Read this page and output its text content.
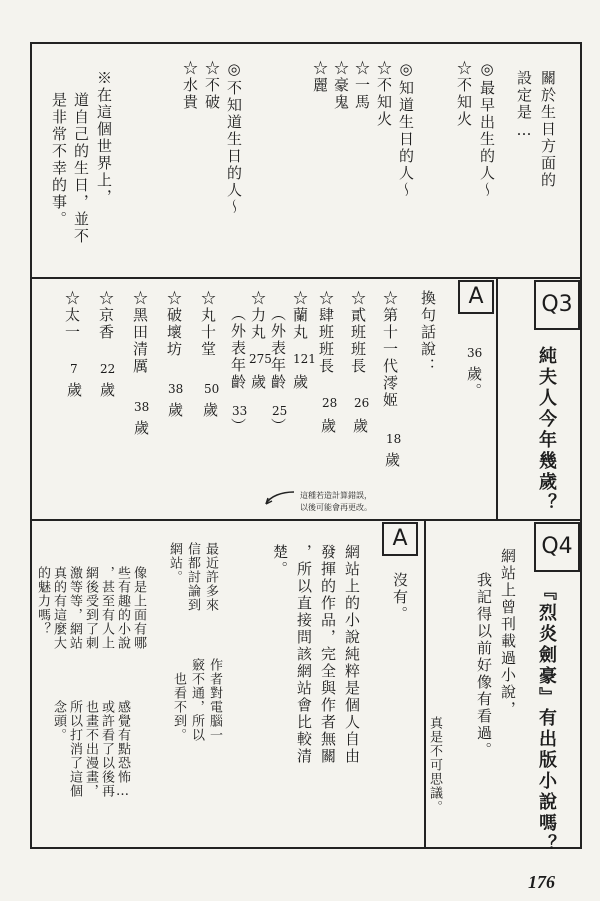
關於生日方面的
設定是…
◎最早出生的人〜
☆不知火
◎知道生日的人〜
☆不知火
☆一馬
☆豪鬼
☆麗
◎不知道生日的人〜
☆不破
☆水貴
※在這個世界上，
道自己的生日，並不
是非常不幸的事。
Q3
純夫人今年幾歲？
A
36
歲。
換句話說：
☆第十一代澪姬
18
歲
☆貳班班長
26
歲
☆肆班班長
28
歲
☆蘭丸
121
歲
（外表年齡
25
）
☆力丸
275
歲
（外表年齡
33
）
☆丸十堂
50
歲
☆破壞坊
38
歲
☆黑田清厲
38
歲
☆京香
22
歲
☆太一
7
歲
這種若造計算錯誤，
以後可能會再更改。
Q4
『烈炎劍豪』有出版小說嗎？
網站上曾刊載過小說，
我記得以前好像有看過。
真是不可思議。
A
沒有。
網站上的小說純粹是個人自由
發揮的作品，完全與作者無關
，所以直接問該網站會比較清
楚。
最近許多來
信都討論到
網站。
作者對電腦一
竅不通，所以
也看不到。
像是上面有哪
些有趣的小說
，甚至有人上
網後受到了刺
激等等，網站
真的有這麼大
的魅力嗎？
感覺有點恐怖…
或許看了以後再
也畫不出漫畫，
所以打消了這個
念頭。
176
